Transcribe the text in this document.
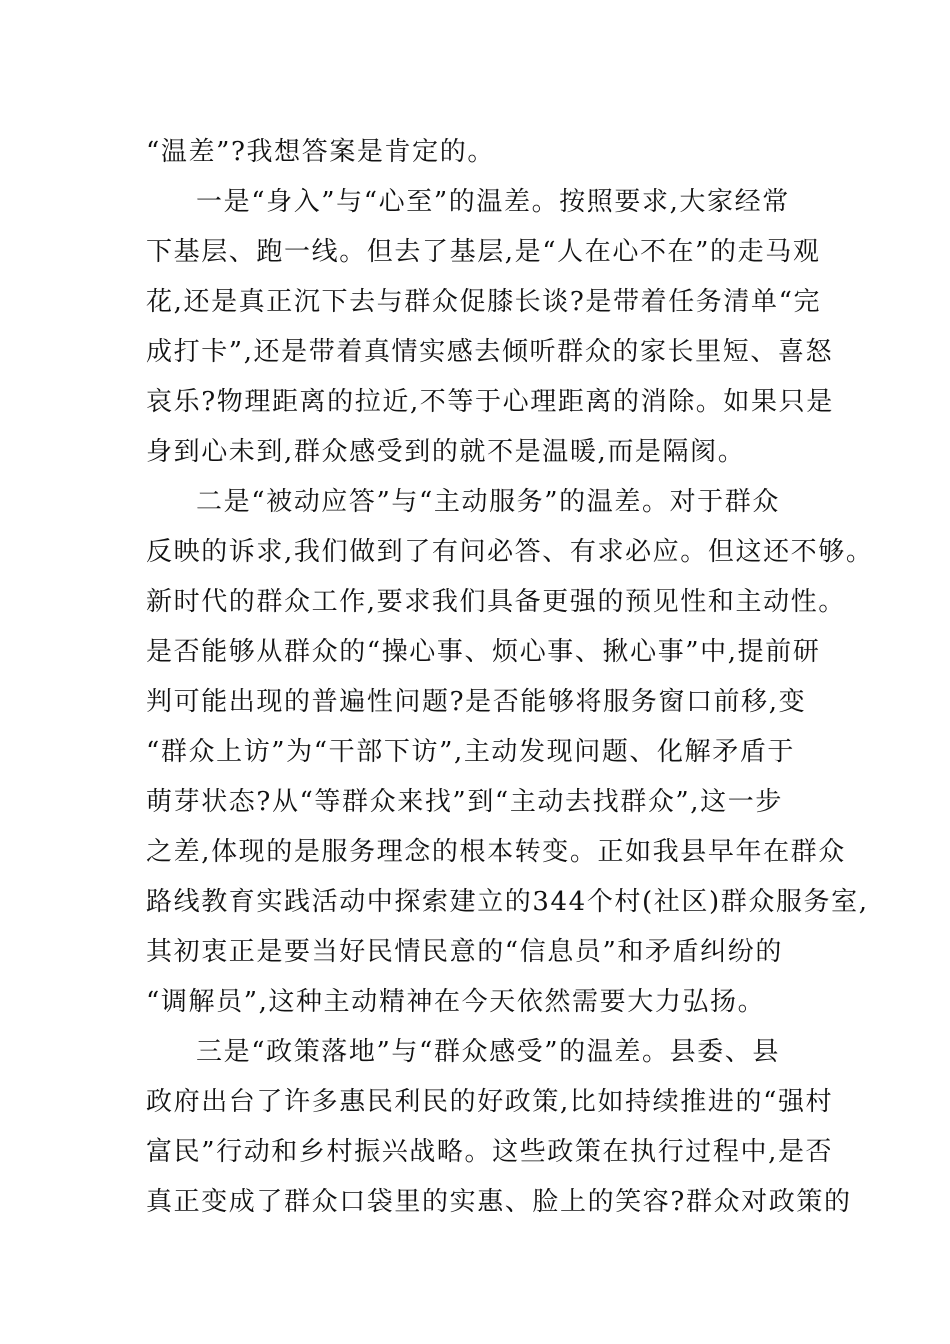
“温差”?我想答案是肯定的。
一是“身入”与“心至”的温差。按照要求,大家经常
下基层、跑一线。但去了基层,是“人在心不在”的走马观
花,还是真正沉下去与群众促膝长谈?是带着任务清单“完
成打卡”,还是带着真情实感去倾听群众的家长里短、喜怒
哀乐?物理距离的拉近,不等于心理距离的消除。如果只是
身到心未到,群众感受到的就不是温暖,而是隔阂。
二是“被动应答”与“主动服务”的温差。对于群众
反映的诉求,我们做到了有问必答、有求必应。但这还不够。
新时代的群众工作,要求我们具备更强的预见性和主动性。
是否能够从群众的“操心事、烦心事、揪心事”中,提前研
判可能出现的普遍性问题?是否能够将服务窗口前移,变
“群众上访”为“干部下访”,主动发现问题、化解矛盾于
萌芽状态?从“等群众来找”到“主动去找群众”,这一步
之差,体现的是服务理念的根本转变。正如我县早年在群众
路线教育实践活动中探索建立的344个村(社区)群众服务室,
其初衷正是要当好民情民意的“信息员”和矛盾纠纷的
“调解员”,这种主动精神在今天依然需要大力弘扬。
三是“政策落地”与“群众感受”的温差。县委、县
政府出台了许多惠民利民的好政策,比如持续推进的“强村
富民”行动和乡村振兴战略。这些政策在执行过程中,是否
真正变成了群众口袋里的实惠、脸上的笑容?群众对政策的
